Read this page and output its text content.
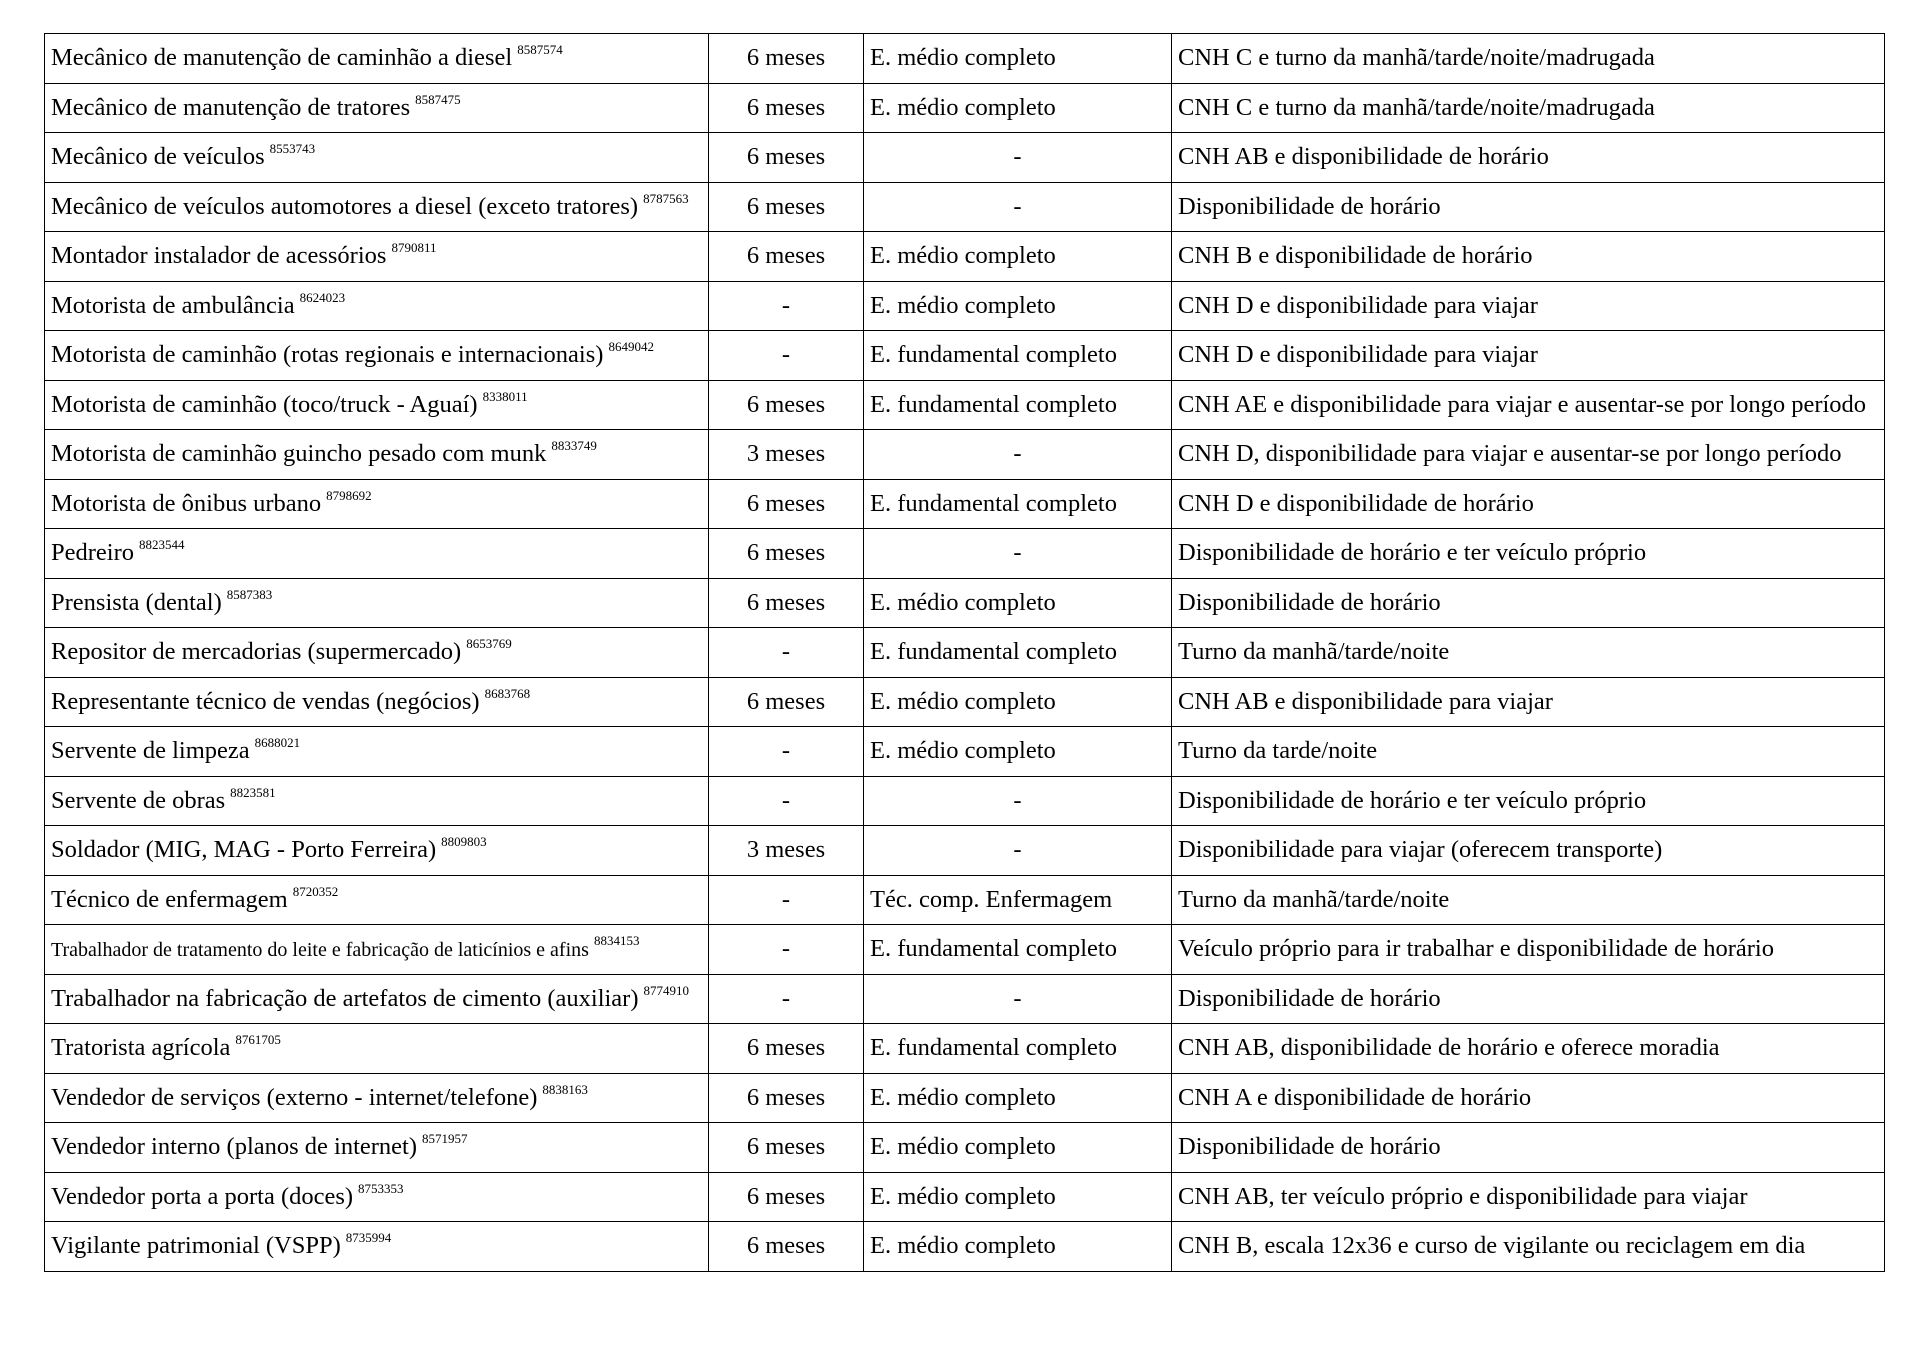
Mecânico de manutenção de caminhão a diesel $^{8587574}$	6 meses	E. médio completo	CNH C e turno da manhã/tarde/noite/madrugada
Mecânico de manutenção de tratores $^{8587475}$	6 meses	E. médio completo	CNH C e turno da manhã/tarde/noite/madrugada
Mecânico de veículos $^{8553743}$	6 meses	-	CNH AB e disponibilidade de horário
Mecânico de veículos automotores a diesel (exceto tratores) $^{8787563}$	6 meses	-	Disponibilidade de horário
Montador instalador de acessórios $^{8790811}$	6 meses	E. médio completo	CNH B e disponibilidade de horário
Motorista de ambulância $^{8624023}$	-	E. médio completo	CNH D e disponibilidade para viajar
Motorista de caminhão (rotas regionais e internacionais) $^{8649042}$	-	E. fundamental completo	CNH D e disponibilidade para viajar
Motorista de caminhão (toco/truck - Aguaí) $^{8338011}$	6 meses	E. fundamental completo	CNH AE e disponibilidade para viajar e ausentar-se por longo período
Motorista de caminhão guincho pesado com munk $^{8833749}$	3 meses	-	CNH D, disponibilidade para viajar e ausentar-se por longo período
Motorista de ônibus urbano $^{8798692}$	6 meses	E. fundamental completo	CNH D e disponibilidade de horário
Pedreiro $^{8823544}$	6 meses	-	Disponibilidade de horário e ter veículo próprio
Prensista (dental) $^{8587383}$	6 meses	E. médio completo	Disponibilidade de horário
Repositor de mercadorias (supermercado) $^{8653769}$	-	E. fundamental completo	Turno da manhã/tarde/noite
Representante técnico de vendas (negócios) $^{8683768}$	6 meses	E. médio completo	CNH AB e disponibilidade para viajar
Servente de limpeza $^{8688021}$	-	E. médio completo	Turno da tarde/noite
Servente de obras $^{8823581}$	-	-	Disponibilidade de horário e ter veículo próprio
Soldador (MIG, MAG - Porto Ferreira) $^{8809803}$	3 meses	-	Disponibilidade para viajar (oferecem transporte)
Técnico de enfermagem $^{8720352}$	-	Téc. comp. Enfermagem	Turno da manhã/tarde/noite
Trabalhador de tratamento do leite e fabricação de laticínios e afins $^{8834153}$	-	E. fundamental completo	Veículo próprio para ir trabalhar e disponibilidade de horário
Trabalhador na fabricação de artefatos de cimento (auxiliar) $^{8774910}$	-	-	Disponibilidade de horário
Tratorista agrícola $^{8761705}$	6 meses	E. fundamental completo	CNH AB, disponibilidade de horário e oferece moradia
Vendedor de serviços (externo - internet/telefone) $^{8838163}$	6 meses	E. médio completo	CNH A e disponibilidade de horário
Vendedor interno (planos de internet) $^{8571957}$	6 meses	E. médio completo	Disponibilidade de horário
Vendedor porta a porta (doces) $^{8753353}$	6 meses	E. médio completo	CNH AB, ter veículo próprio e disponibilidade para viajar
Vigilante patrimonial (VSPP) $^{8735994}$	6 meses	E. médio completo	CNH B, escala 12x36 e curso de vigilante ou reciclagem em dia
